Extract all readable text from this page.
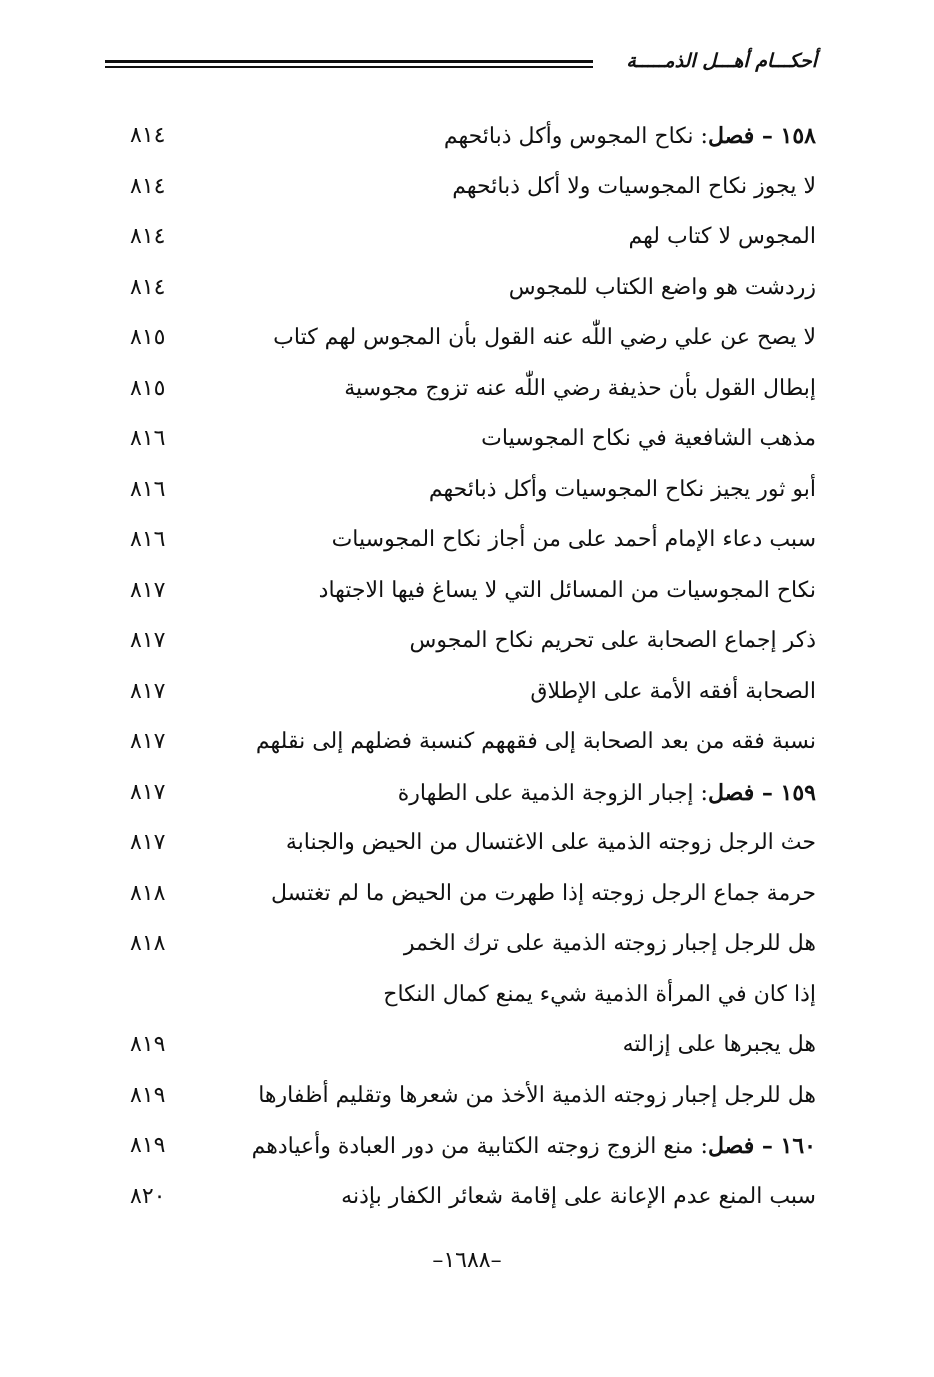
أحكـــام أهـــل الذمـــــة
١٥٨ – فصل: نكاح المجوس وأكل ذبائحهم
٨١٤
لا يجوز نكاح المجوسيات ولا أكل ذبائحهم
٨١٤
المجوس لا كتاب لهم
٨١٤
زردشت هو واضع الكتاب للمجوس
٨١٤
لا يصح عن علي رضي اللّٰه عنه القول بأن المجوس لهم كتاب
٨١٥
إبطال القول بأن حذيفة رضي اللّٰه عنه تزوج مجوسية
٨١٥
مذهب الشافعية في نكاح المجوسيات
٨١٦
أبو ثور يجيز نكاح المجوسيات وأكل ذبائحهم
٨١٦
سبب دعاء الإمام أحمد على من أجاز نكاح المجوسيات
٨١٦
نكاح المجوسيات من المسائل التي لا يساغ فيها الاجتهاد
٨١٧
ذكر إجماع الصحابة على تحريم نكاح المجوس
٨١٧
الصحابة أفقه الأمة على الإطلاق
٨١٧
نسبة فقه من بعد الصحابة إلى فقههم كنسبة فضلهم إلى نقلهم
٨١٧
١٥٩ – فصل: إجبار الزوجة الذمية على الطهارة
٨١٧
حث الرجل زوجته الذمية على الاغتسال من الحيض والجنابة
٨١٧
حرمة جماع الرجل زوجته إذا طهرت من الحيض ما لم تغتسل
٨١٨
هل للرجل إجبار زوجته الذمية على ترك الخمر
٨١٨
إذا كان في المرأة الذمية شيء يمنع كمال النكاح
هل يجبرها على إزالته
٨١٩
هل للرجل إجبار زوجته الذمية الأخذ من شعرها وتقليم أظفارها
٨١٩
١٦٠ – فصل: منع الزوج زوجته الكتابية من دور العبادة وأعيادهم
٨١٩
سبب المنع عدم الإعانة على إقامة شعائر الكفار بإذنه
٨٢٠
–١٦٨٨–
